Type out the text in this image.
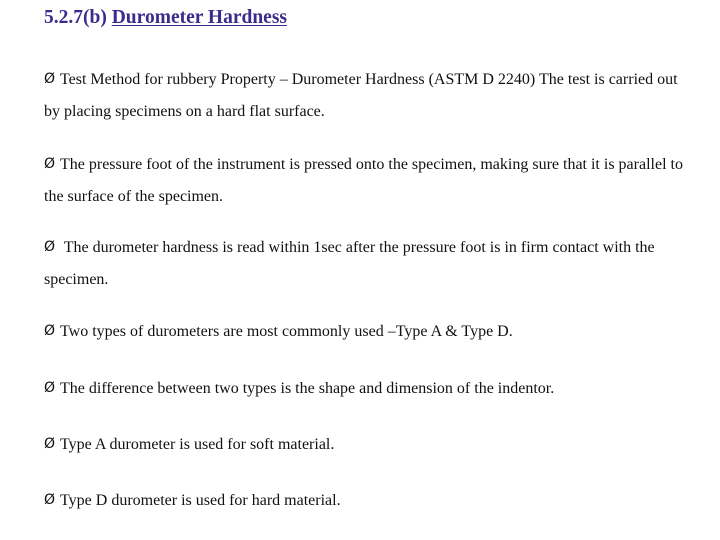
5.2.7(b) Durometer Hardness

Ø Test Method for rubbery Property – Durometer Hardness (ASTM D 2240) The test is carried out by placing specimens on a hard flat surface.

Ø The pressure foot of the instrument is pressed onto the specimen, making sure that it is parallel to the surface of the specimen.

Ø The durometer hardness is read within 1sec after the pressure foot is in firm contact with the specimen.

Ø Two types of durometers are most commonly used –Type A & Type D.

Ø The difference between two types is the shape and dimension of the indentor.

Ø Type A durometer is used for soft material.

Ø Type D durometer is used for hard material.
